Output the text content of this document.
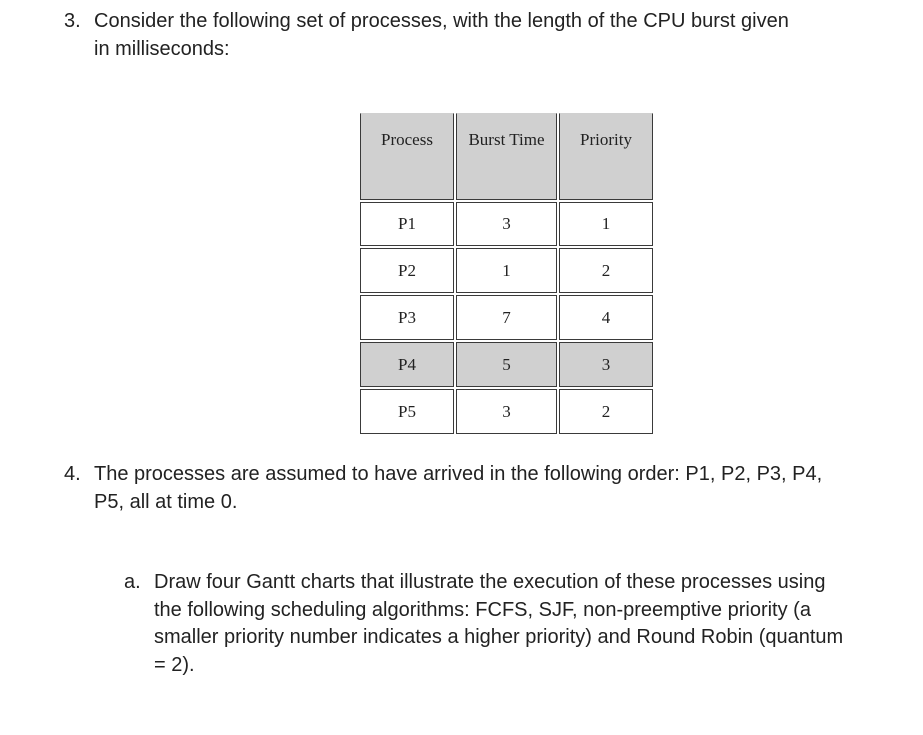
3. Consider the following set of processes, with the length of the CPU burst given in milliseconds:
Process	Burst Time	Priority
P1	3	1
P2	1	2
P3	7	4
P4	5	3
P5	3	2
4. The processes are assumed to have arrived in the following order: P1, P2, P3, P4, P5, all at time 0.
a. Draw four Gantt charts that illustrate the execution of these processes using the following scheduling algorithms: FCFS, SJF, non-preemptive priority (a smaller priority number indicates a higher priority) and Round Robin (quantum = 2).
